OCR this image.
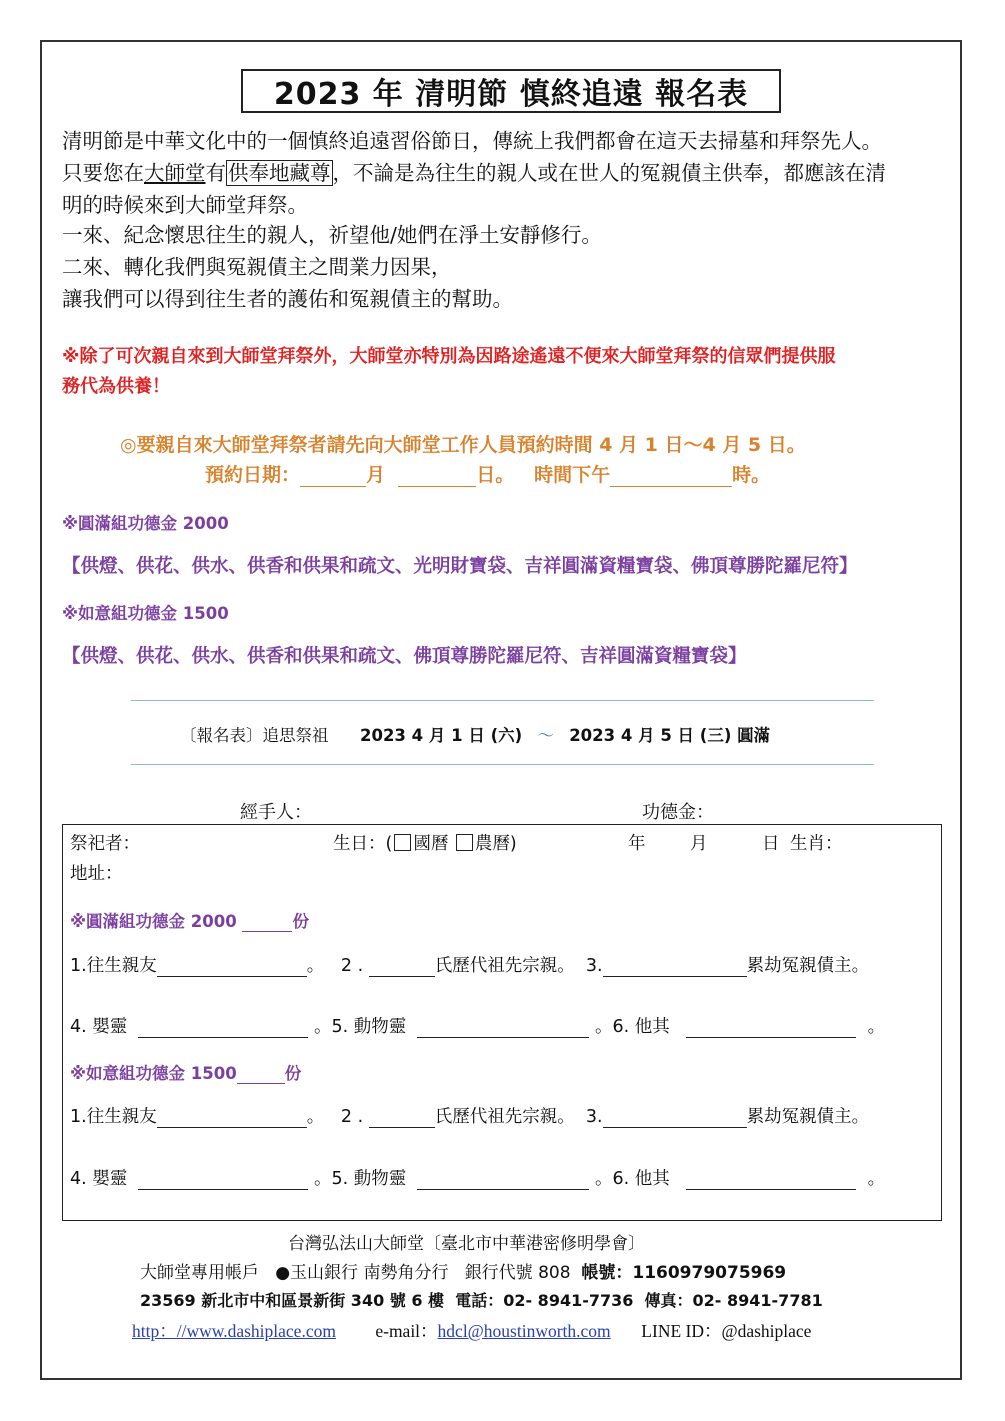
2023 年 清明節 慎終追遠 報名表
清明節是中華文化中的一個慎終追遠習俗節日，傳統上我們都會在這天去掃墓和拜祭先人。
只要您在大師堂有供奉地藏尊，不論是為往生的親人或在世人的冤親債主供奉，都應該在清
明的時候來到大師堂拜祭。
一來、紀念懷思往生的親人，祈望他/她們在淨土安靜修行。
二來、轉化我們與冤親債主之間業力因果，
讓我們可以得到往生者的護佑和冤親債主的幫助。
※除了可次親自來到大師堂拜祭外，大師堂亦特別為因路途遙遠不便來大師堂拜祭的信眾們提供服
務代為供養！
◎要親自來大師堂拜祭者請先向大師堂工作人員預約時間 4 月 1 日～4 月 5 日。
預約日期：	月	日。 時間下午	時。
※圓滿組功德金 2000
【供燈、供花、供水、供香和供果和疏文、光明財寶袋、吉祥圓滿資糧寶袋、佛頂尊勝陀羅尼符】
※如意組功德金 1500
【供燈、供花、供水、供香和供果和疏文、佛頂尊勝陀羅尼符、吉祥圓滿資糧寶袋】
〔報名表〕追思祭祖 2023 4 月 1 日 (六) ～ 2023 4 月 5 日 (三) 圓滿
經手人：	功德金：
祭祀者：	生日：( 國曆 農曆)	年	月	日 生肖：
地址：
※圓滿組功德金 2000	份
1.往生親友	。 2 .	氏歷代祖先宗親。 3.	累劫冤親債主。
4. 嬰靈	。5. 動物靈	。6. 他其	。
※如意組功德金 1500	份
1.往生親友	。 2 .	氏歷代祖先宗親。 3.	累劫冤親債主。
4. 嬰靈	。5. 動物靈	。6. 他其	。
台灣弘法山大師堂〔臺北市中華港密修明學會〕
大師堂專用帳戶 ●玉山銀行 南勢角分行 銀行代號 808 帳號：1160979075969
23569 新北市中和區景新街 340 號 6 樓 電話：02- 8941-7736 傳真：02- 8941-7781
http：//www.dashiplace.com e-mail：hdcl@houstinworth.com LINE ID：@dashiplace
